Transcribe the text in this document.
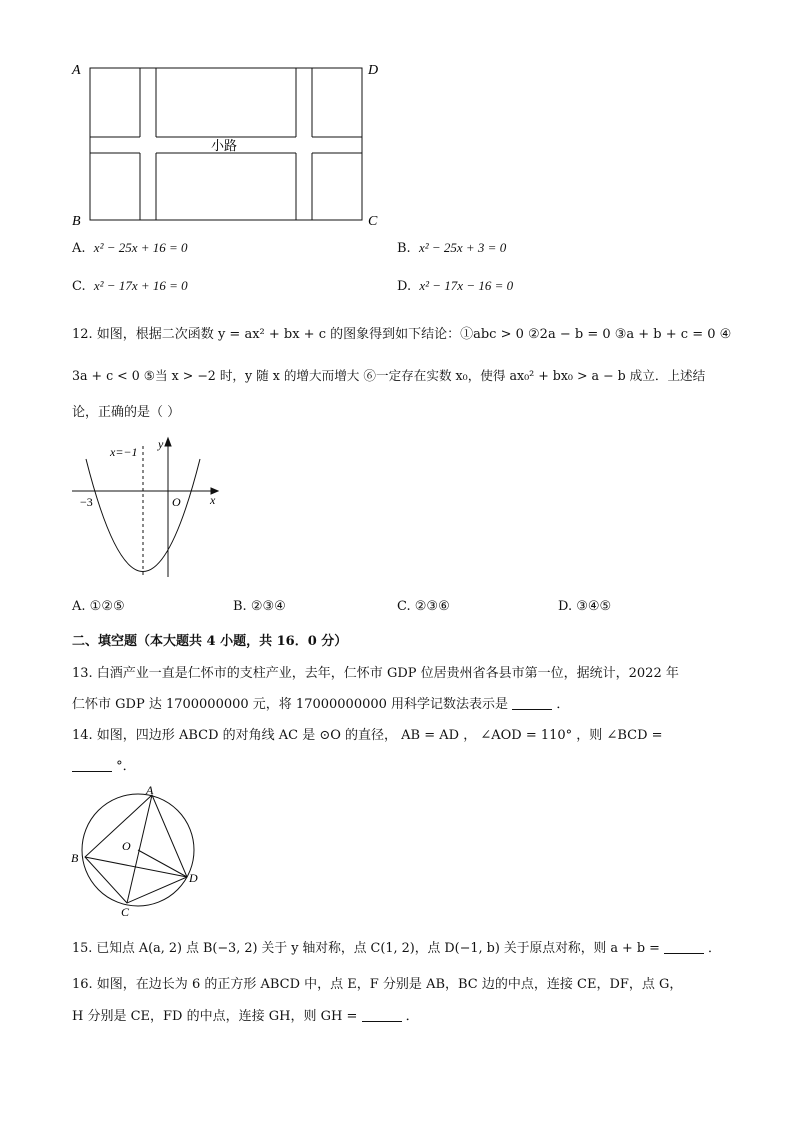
A	D
B	C
小路
A. x² − 25x + 16 = 0	B. x² − 25x + 3 = 0
C. x² − 17x + 16 = 0	D. x² − 17x − 16 = 0
12. 如图，根据二次函数 y = ax² + bx + c 的图象得到如下结论：①abc > 0 ②2a − b = 0 ③a + b + c = 0 ④
3a + c < 0 ⑤当 x > −2 时，y 随 x 的增大而增大 ⑥一定存在实数 x₀，使得 ax₀² + bx₀ > a − b 成立．上述结
论，正确的是（ ）
x=−1
y
x
O
−3
A. ①②⑤	B. ②③④	C. ②③⑥	D. ③④⑤
二、填空题（本大题共 4 小题，共 16．0 分）
13. 白酒产业一直是仁怀市的支柱产业，去年，仁怀市 GDP 位居贵州省各县市第一位，据统计，2022 年
仁怀市 GDP 达 1700000000 元，将 17000000000 用科学记数法表示是	．
14. 如图，四边形 ABCD 的对角线 AC 是 ⊙O 的直径， AB = AD ， ∠AOD = 110° ，则 ∠BCD =
°．
A
B
C
D
O
15. 已知点 A(a, 2) 点 B(−3, 2) 关于 y 轴对称，点 C(1, 2)，点 D(−1, b) 关于原点对称，则 a + b =	．
16. 如图，在边长为 6 的正方形 ABCD 中，点 E，F 分别是 AB，BC 边的中点，连接 CE，DF，点 G，
H 分别是 CE，FD 的中点，连接 GH，则 GH =	．
